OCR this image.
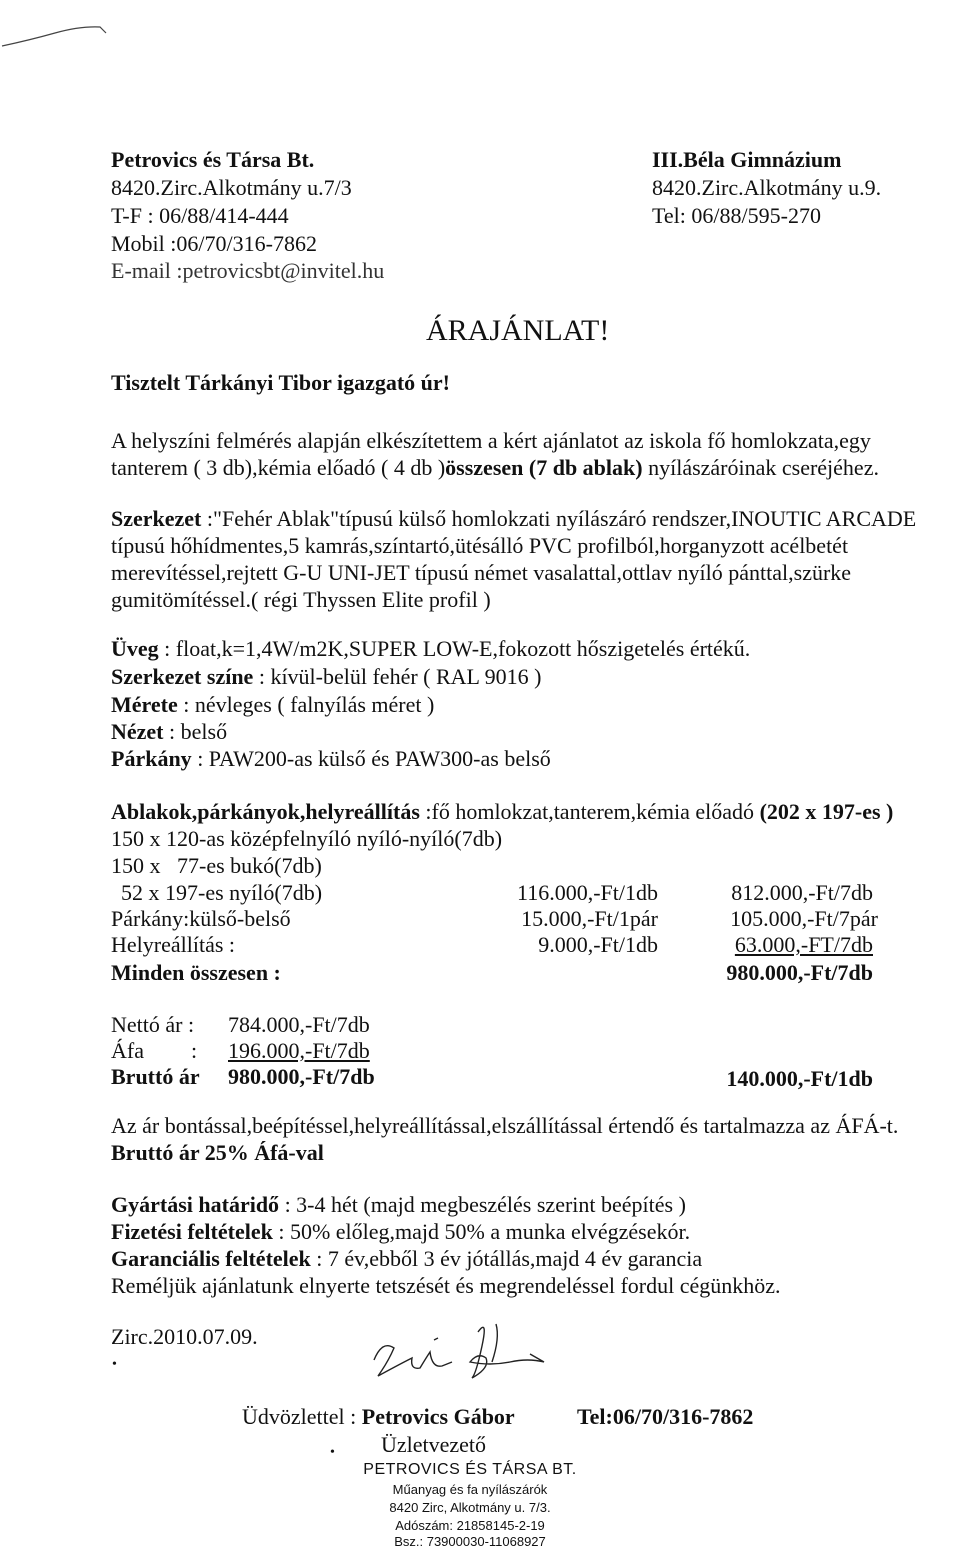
Petrovics és Társa Bt.
8420.Zirc.Alkotmány u.7/3
T-F : 06/88/414-444
Mobil :06/70/316-7862
E-mail :petrovicsbt@invitel.hu
III.Béla Gimnázium
8420.Zirc.Alkotmány u.9.
Tel: 06/88/595-270
ÁRAJÁNLAT!
Tisztelt Tárkányi Tibor igazgató úr!
A helyszíni felmérés alapján elkészítettem a kért ajánlatot az iskola fő homlokzata,egy
tanterem ( 3 db),kémia előadó ( 4 db )összesen (7 db ablak) nyílászáróinak cseréjéhez.
Szerkezet :"Fehér Ablak"típusú külső homlokzati nyílászáró rendszer,INOUTIC ARCADE
típusú hőhídmentes,5 kamrás,színtartó,ütésálló PVC profilból,horganyzott acélbetét
merevítéssel,rejtett G-U UNI-JET típusú német vasalattal,ottlav nyíló pánttal,szürke
gumitömítéssel.( régi Thyssen Elite profil )
Üveg : float,k=1,4W/m2K,SUPER LOW-E,fokozott hőszigetelés értékű.
Szerkezet színe : kívül-belül fehér ( RAL 9016 )
Mérete : névleges ( falnyílás méret )
Nézet : belső
Párkány : PAW200-as külső és PAW300-as belső
Ablakok,párkányok,helyreállítás :fő homlokzat,tanterem,kémia előadó (202 x 197-es )
150 x 120-as középfelnyíló nyíló-nyíló(7db)
150 x   77-es bukó(7db)
52 x 197-es nyíló(7db)	116.000,-Ft/1db	812.000,-Ft/7db
Párkány:külső-belső	15.000,-Ft/1pár	105.000,-Ft/7pár
Helyreállítás :	9.000,-Ft/1db	63.000,-FT/7db
Minden összesen :	980.000,-Ft/7db
Nettó ár : 784.000,-Ft/7db
Áfa : 196.000,-Ft/7db
Bruttó ár 980.000,-Ft/7db	140.000,-Ft/1db
Az ár bontással,beépítéssel,helyreállítással,elszállítással értendő és tartalmazza az ÁFÁ-t.
Bruttó ár 25% Áfá-val
Gyártási határidő : 3-4 hét (majd megbeszélés szerint beépítés )
Fizetési feltételek : 50% előleg,majd 50% a munka elvégzésekór.
Garanciális feltételek : 7 év,ebből 3 év jótállás,majd 4 év garancia
Reméljük ajánlatunk elnyerte tetszését és megrendeléssel fordul cégünkhöz.
Zirc.2010.07.09.
•
Üdvözlettel : Petrovics Gábor	Tel:06/70/316-7862
Üzletvezető
•
PETROVICS ÉS TÁRSA BT.
Műanyag és fa nyílászárók
8420 Zirc, Alkotmány u. 7/3.
Adószám: 21858145-2-19
Bsz.: 73900030-11068927
